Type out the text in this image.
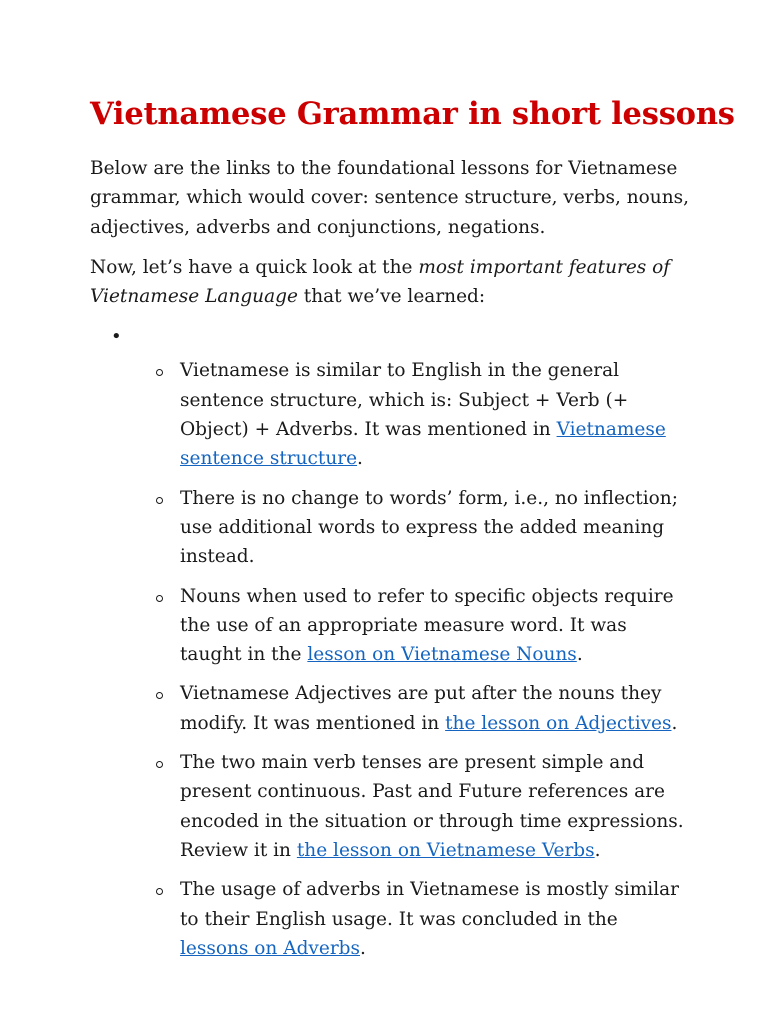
Vietnamese Grammar in short lessons

Below are the links to the foundational lessons for Vietnamese grammar, which would cover: sentence structure, verbs, nouns, adjectives, adverbs and conjunctions, negations.

Now, let’s have a quick look at the most important features of Vietnamese Language that we’ve learned:

•
Vietnamese is similar to English in the general sentence structure, which is: Subject + Verb (+ Object) + Adverbs. It was mentioned in Vietnamese sentence structure.
There is no change to words’ form, i.e., no inflection; use additional words to express the added meaning instead.
Nouns when used to refer to specific objects require the use of an appropriate measure word. It was taught in the lesson on Vietnamese Nouns.
Vietnamese Adjectives are put after the nouns they modify. It was mentioned in the lesson on Adjectives.
The two main verb tenses are present simple and present continuous. Past and Future references are encoded in the situation or through time expressions. Review it in the lesson on Vietnamese Verbs.
The usage of adverbs in Vietnamese is mostly similar to their English usage. It was concluded in the lessons on Adverbs.
